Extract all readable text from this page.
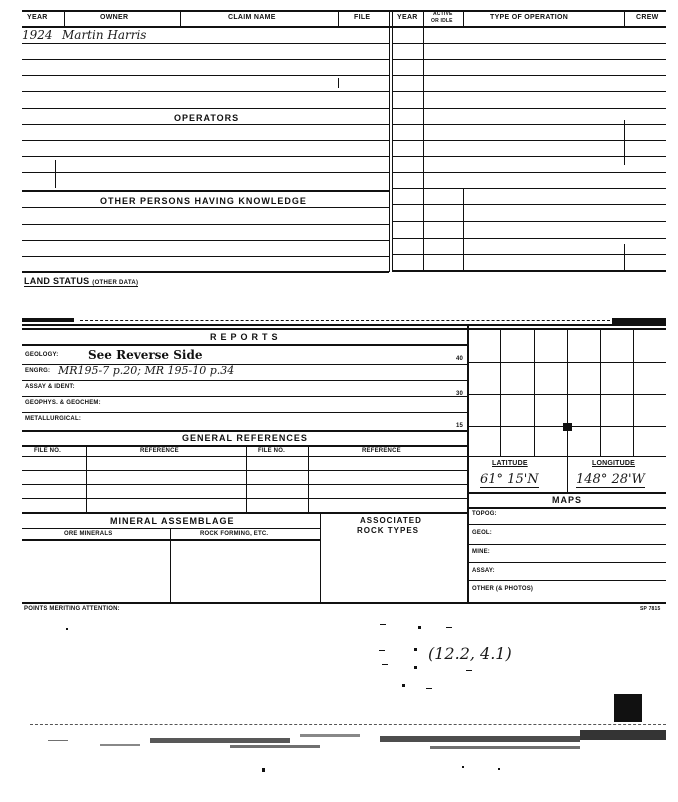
YEAR	OWNER	CLAIM NAME	FILE	YEAR	ACTIVE
OR IDLE	TYPE OF OPERATION	CREW
1924 Martin Harris
OPERATORS
OTHER PERSONS HAVING KNOWLEDGE
LAND STATUS (OTHER DATA)
REPORTS
GEOLOGY: See Reverse Side	40
ENGRG: MR195-7 p.20; MR 195-10 p.34
ASSAY & IDENT:
30
GEOPHYS. & GEOCHEM:
METALLURGICAL:
15
GENERAL REFERENCES
FILE NO.	REFERENCE	FILE NO.	REFERENCE
MINERAL ASSEMBLAGE	ASSOCIATED
ROCK TYPES
ORE MINERALS	ROCK FORMING, ETC.
LATITUDE	LONGITUDE
61° 15'N	148° 28'W
MAPS
TOPOG:
GEOL:
MINE:
ASSAY:
OTHER (& PHOTOS)
POINTS MERITING ATTENTION:	SP 7815
(12.2, 4.1)
